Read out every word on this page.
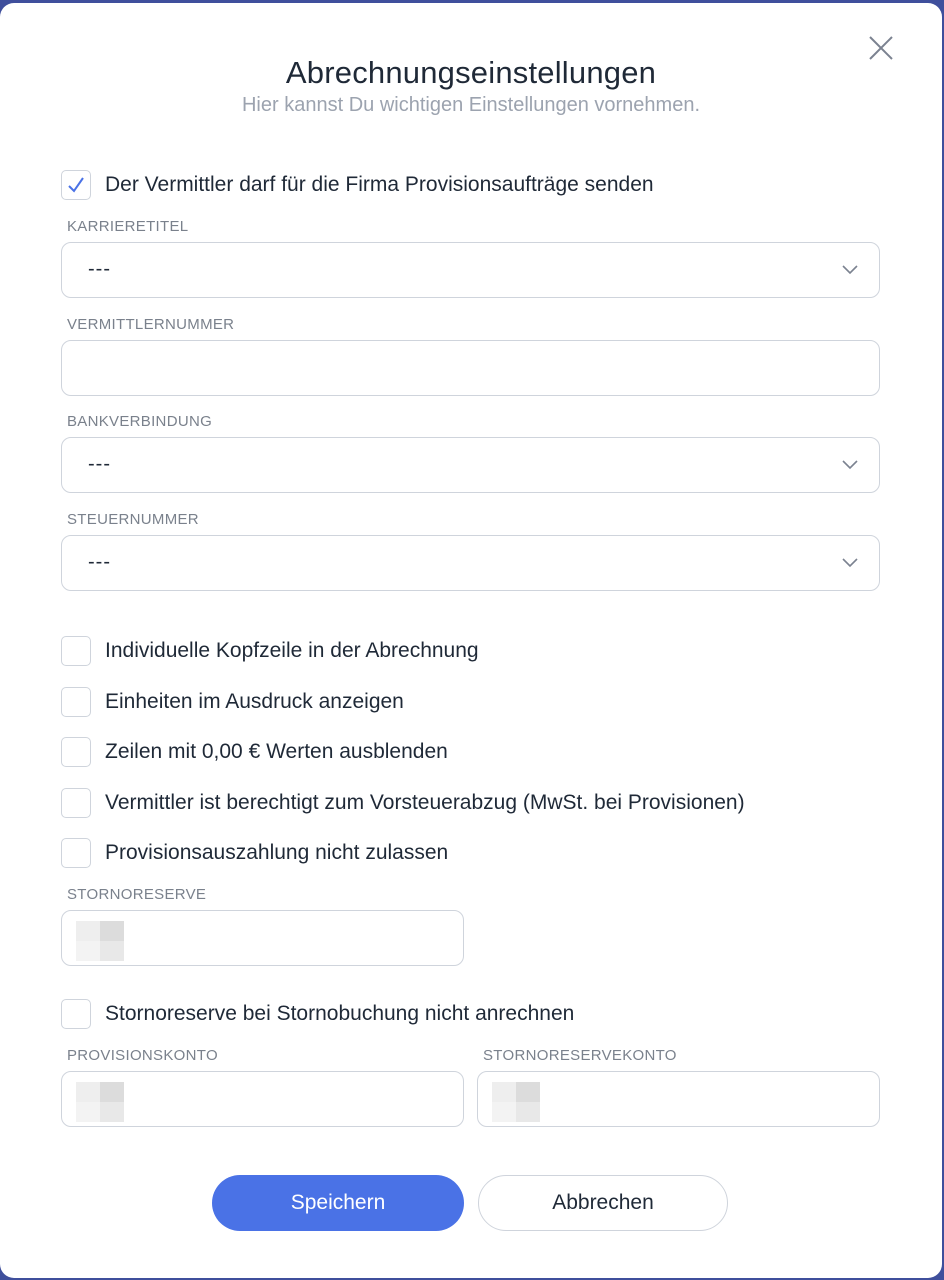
Abrechnungseinstellungen
Hier kannst Du wichtigen Einstellungen vornehmen.
Der Vermittler darf für die Firma Provisionsaufträge senden
KARRIERETITEL
---
VERMITTLERNUMMER
BANKVERBINDUNG
---
STEUERNUMMER
---
Individuelle Kopfzeile in der Abrechnung
Einheiten im Ausdruck anzeigen
Zeilen mit 0,00 € Werten ausblenden
Vermittler ist berechtigt zum Vorsteuerabzug (MwSt. bei Provisionen)
Provisionsauszahlung nicht zulassen
STORNORESERVE
Stornoreserve bei Stornobuchung nicht anrechnen
PROVISIONSKONTO	STORNORESERVEKONTO
Speichern	Abbrechen
